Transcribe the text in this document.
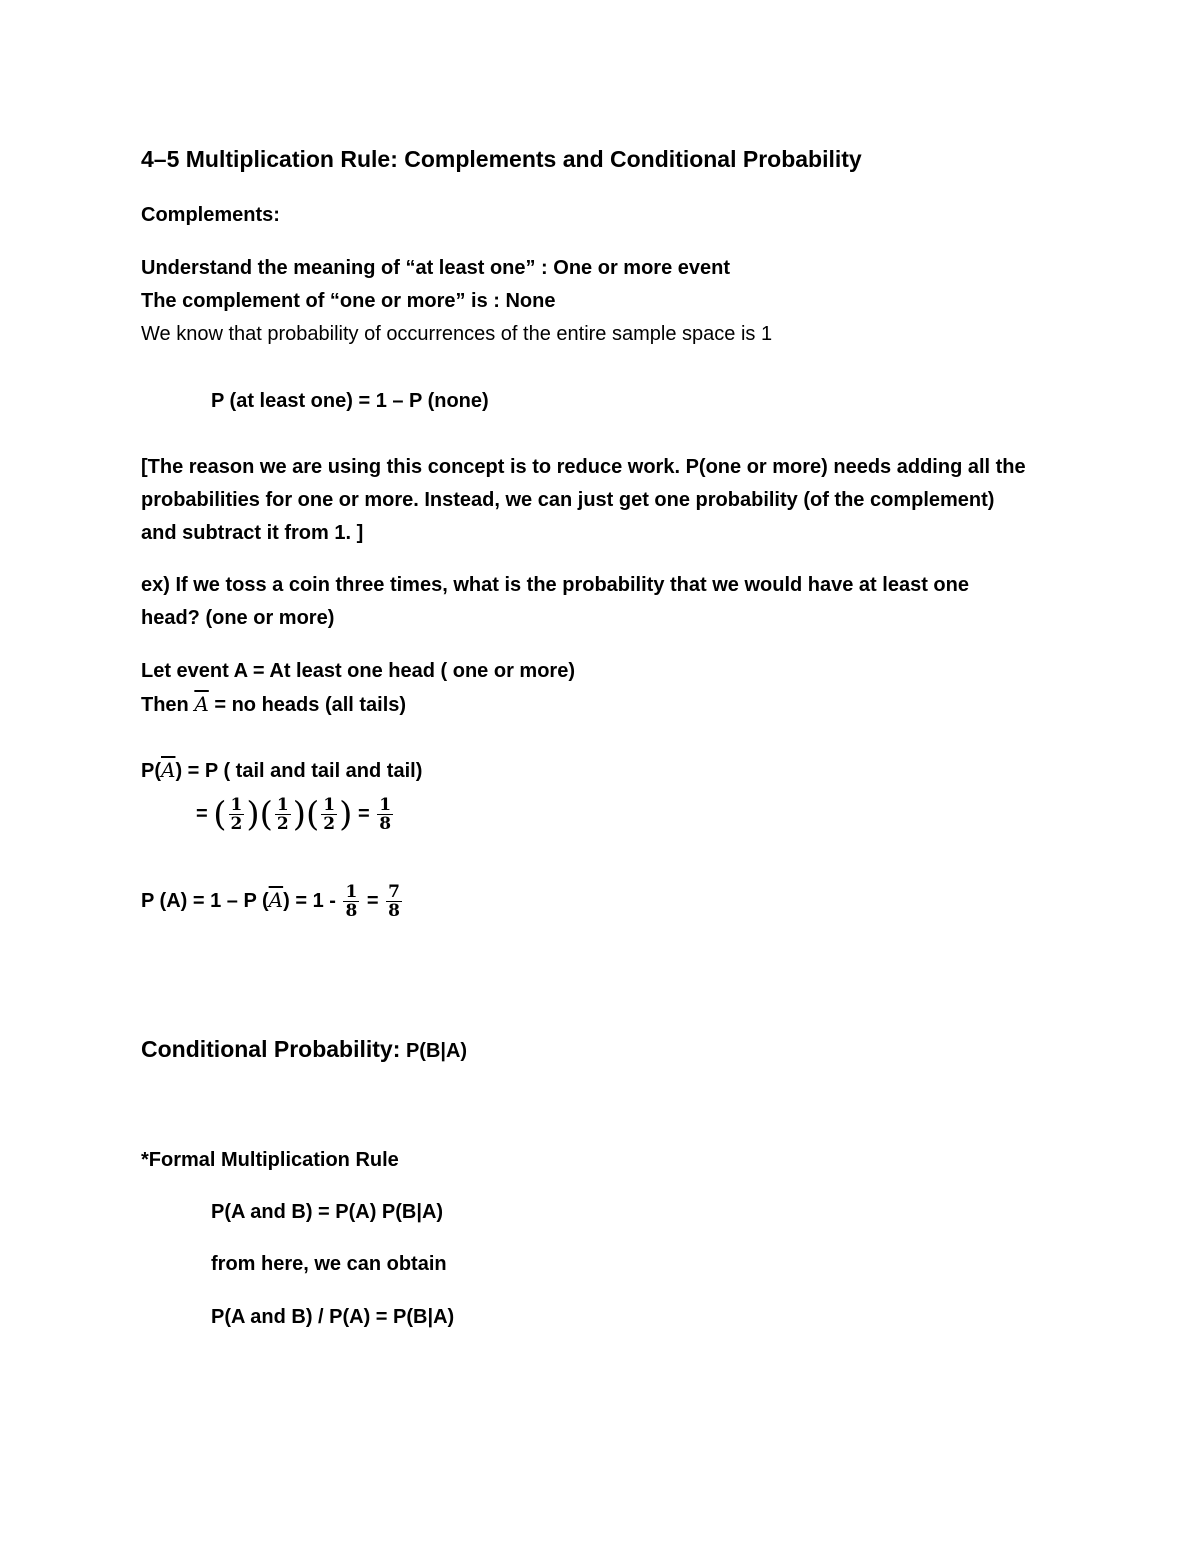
4–5 Multiplication Rule: Complements and Conditional Probability
Complements:
Understand the meaning of “at least one” : One or more event
The complement of “one or more” is : None
We know that probability of occurrences of the entire sample space is 1
P (at least one) = 1 – P (none)
[The reason we are using this concept is to reduce work. P(one or more) needs adding all the
probabilities for one or more. Instead, we can just get one probability (of the complement)
and subtract it from 1. ]
ex) If we toss a coin three times, what is the probability that we would have at least one
head? (one or more)
Let event A = At least one head ( one or more)
Then $\overline{A}$ = no heads (all tails)
$P(\overline{A}) = P$ ( tail and tail and tail)
= ( $\frac{1}{2}$ )( $\frac{1}{2}$ )( $\frac{1}{2}$ ) = $\frac{1}{8}$
P (A) = 1 – P $(\overline{A}) = 1 - \frac{1}{8} = \frac{7}{8}$
Conditional Probability: P(B|A)
*Formal Multiplication Rule
P(A and B) = P(A) P(B|A)
from here, we can obtain
P(A and B) / P(A) = P(B|A)
